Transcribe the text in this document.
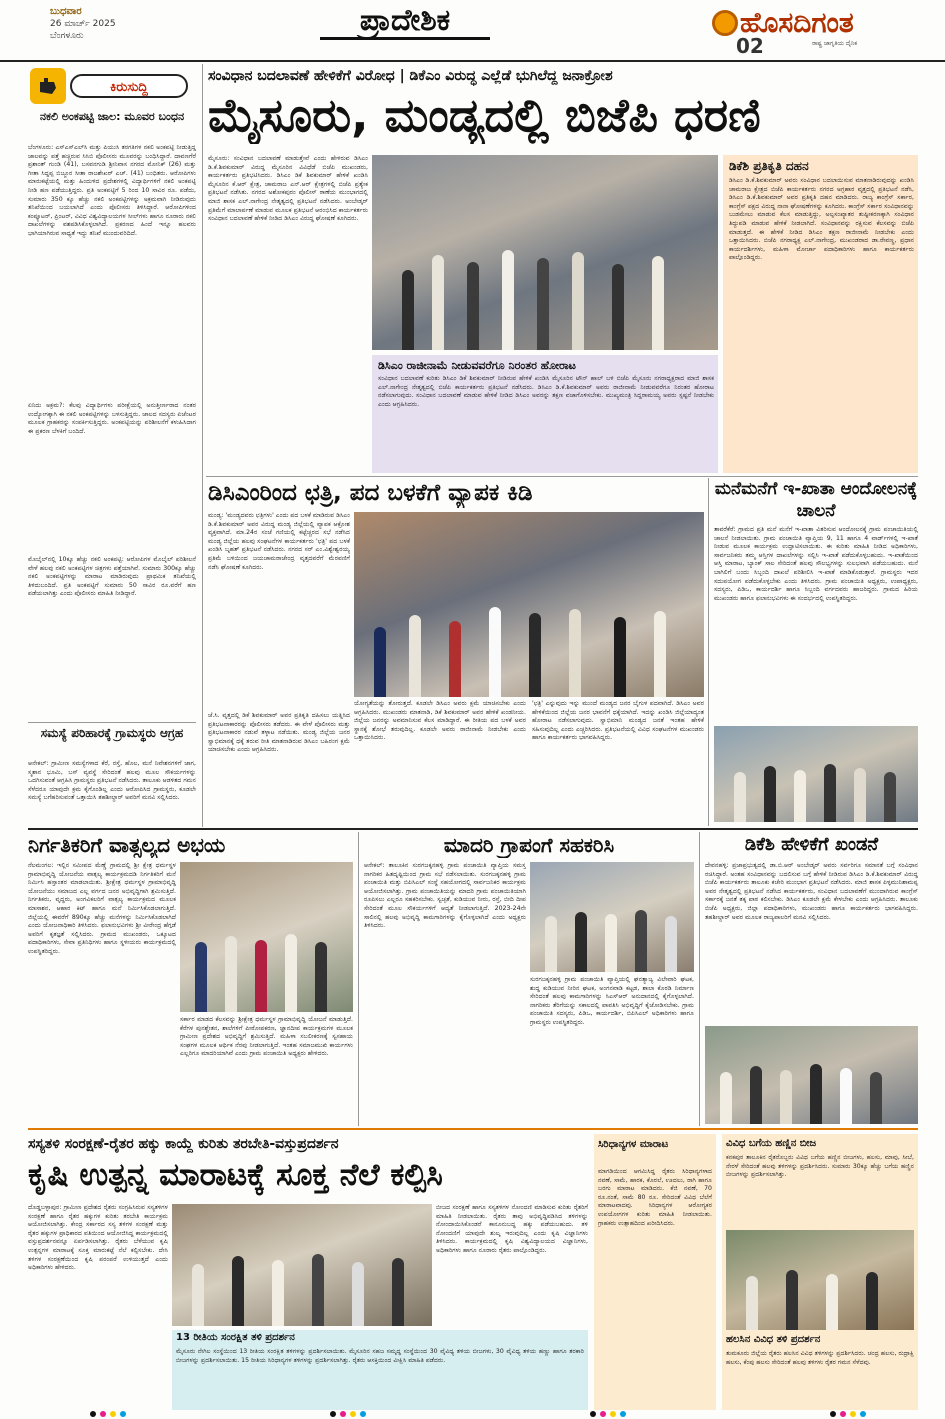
ಬುಧವಾರ
26 ಮಾರ್ಚ್ 2025
ಬೆಂಗಳೂರು	ಪ್ರಾದೇಶಿಕ	ಹೊಸದಿಗಂತ
ರಾಷ್ಟ್ರ ಜಾಗೃತಿಯ ದೈನಿಕ
02
ಕಿರುಸುದ್ದಿ
ನಕಲಿ ಅಂಕಪಟ್ಟಿ ಜಾಲ: ಮೂವರ ಬಂಧನ
ಬೆಂಗಳೂರು: ಎಸ್‌ಎಸ್‌ಎಲ್‌ಸಿ ಮತ್ತು ಪಿಯುಸಿ ತರಗತಿಗಳ ನಕಲಿ ಅಂಕಪಟ್ಟಿ ನೀಡುತ್ತಿದ್ದ ಜಾಲವನ್ನು ಪತ್ತೆ ಹಚ್ಚಿರುವ ಸಿಸಿಬಿ ಪೊಲೀಸರು ಮೂವರನ್ನು ಬಂಧಿಸಿದ್ದಾರೆ. ದಾವಣಗೆರೆ ಪ್ರಶಾಂತ್ ಗುಂಡಿ (41), ಬಸವನಗುಡಿ ಶ್ರೀನಿವಾಸ ನಗರದ ಮೋನಿಕ್ (26) ಮತ್ತು ಗೀತಾ ಸಿದ್ದಪ್ಪ ಬಿಜ್ಜೂರ ಸೀತಾ ರಾಜಶೇಖರ್ ಎಚ್. (41) ಬಂಧಿತರು. ಆರೋಪಿಗಳು ಮಾರುಕಟ್ಟೆಯಲ್ಲಿ ಮತ್ತು ಹಿಂದುಳಿದ ಪ್ರದೇಶಗಳಲ್ಲಿ ವಿದ್ಯಾರ್ಥಿಗಳಿಗೆ ನಕಲಿ ಅಂಕಪಟ್ಟಿ ನೀಡಿ ಹಣ ಪಡೆಯುತ್ತಿದ್ದರು. ಪ್ರತಿ ಅಂಕಪಟ್ಟಿಗೆ 5 ರಿಂದ 10 ಸಾವಿರ ರೂ. ಪಡೆದು, ಸುಮಾರು 350 ಕ್ಕೂ ಹೆಚ್ಚು ನಕಲಿ ಅಂಕಪಟ್ಟಿಗಳನ್ನು ಅಕ್ರಮವಾಗಿ ನೀಡಿರುವುದು ತನಿಖೆಯಿಂದ ಬಯಲಾಗಿದೆ ಎಂದು ಪೊಲೀಸರು ತಿಳಿಸಿದ್ದಾರೆ. ಆರೋಪಿಗಳಿಂದ ಕಂಪ್ಯೂಟರ್, ಪ್ರಿಂಟರ್, ವಿವಿಧ ವಿಶ್ವವಿದ್ಯಾಲಯಗಳ ಸೀಲ್‌ಗಳು ಹಾಗೂ ನೂರಾರು ನಕಲಿ ದಾಖಲೆಗಳನ್ನು ವಶಪಡಿಸಿಕೊಳ್ಳಲಾಗಿದೆ. ಪ್ರಕರಣದ ಹಿಂದೆ ಇನ್ನೂ ಹಲವರು ಭಾಗಿಯಾಗಿರುವ ಸಾಧ್ಯತೆ ಇದ್ದು ತನಿಖೆ ಮುಂದುವರಿದಿದೆ.
ಏನಿದು ಅಕ್ರಮ?: ಕೆಲವು ವಿದ್ಯಾರ್ಥಿಗಳು ಪರೀಕ್ಷೆಯಲ್ಲಿ ಅನುತ್ತೀರ್ಣರಾದ ನಂತರ ಉದ್ಯೋಗಕ್ಕಾಗಿ ಈ ನಕಲಿ ಅಂಕಪಟ್ಟಿಗಳನ್ನು ಬಳಸುತ್ತಿದ್ದರು. ಜಾಲದ ಸದಸ್ಯರು ಏಜೆಂಟರ ಮೂಲಕ ಗ್ರಾಹಕರನ್ನು ಸಂಪರ್ಕಿಸುತ್ತಿದ್ದರು. ಅಂಕಪಟ್ಟಿಯನ್ನು ಪರಿಶೀಲನೆಗೆ ಕಳುಹಿಸಿದಾಗ ಈ ಪ್ರಕರಣ ಬೆಳಕಿಗೆ ಬಂದಿದೆ.
ಮೊಬೈಲ್‌ನಲ್ಲಿ 10ಕ್ಕೂ ಹೆಚ್ಚು ನಕಲಿ ಅಂಕಪಟ್ಟಿ: ಆರೋಪಿಗಳ ಮೊಬೈಲ್ ಪರಿಶೀಲನೆ ವೇಳೆ ಹಲವು ನಕಲಿ ಅಂಕಪಟ್ಟಿಗಳ ಚಿತ್ರಗಳು ಪತ್ತೆಯಾಗಿವೆ. ಸುಮಾರು 300ಕ್ಕೂ ಹೆಚ್ಚು ನಕಲಿ ಅಂಕಪಟ್ಟಿಗಳನ್ನು ಮಾರಾಟ ಮಾಡಿರುವುದು ಪ್ರಾಥಮಿಕ ತನಿಖೆಯಲ್ಲಿ ತಿಳಿದುಬಂದಿದೆ. ಪ್ರತಿ ಅಂಕಪಟ್ಟಿಗೆ ಸುಮಾರು 50 ಸಾವಿರ ರೂ.ವರೆಗೆ ಹಣ ಪಡೆಯಲಾಗಿತ್ತು ಎಂದು ಪೊಲೀಸರು ಮಾಹಿತಿ ನೀಡಿದ್ದಾರೆ.
ಸಮಸ್ಯೆ ಪರಿಹಾರಕ್ಕೆ ಗ್ರಾಮಸ್ಥರು ಆಗ್ರಹ
ಆನೇಕಲ್: ಗ್ರಾಮೀಣ ಸಮಸ್ಯೆಗಳಾದ ಕೆರೆ, ರಸ್ತೆ, ಹೊಲ, ಮನೆ ನಿವೇಶನಗಳಿಗೆ ಜಾಗ, ಸ್ಮಶಾನ ಭೂಮಿ, ಬಸ್ ವ್ಯವಸ್ಥೆ ಸೇರಿದಂತೆ ಹಲವು ಮೂಲ ಸೌಕರ್ಯಗಳನ್ನು ಒದಗಿಸುವಂತೆ ಆಗ್ರಹಿಸಿ ಗ್ರಾಮಸ್ಥರು ಪ್ರತಿಭಟನೆ ನಡೆಸಿದರು. ತಾಲೂಕು ಆಡಳಿತದ ಗಮನ ಸೆಳೆದರೂ ಯಾವುದೇ ಕ್ರಮ ಕೈಗೊಂಡಿಲ್ಲ ಎಂದು ಆರೋಪಿಸಿದ ಗ್ರಾಮಸ್ಥರು, ಕೂಡಲೇ ಸಮಸ್ಯೆ ಬಗೆಹರಿಸುವಂತೆ ಒತ್ತಾಯಿಸಿ ತಹಶೀಲ್ದಾರ್ ಅವರಿಗೆ ಮನವಿ ಸಲ್ಲಿಸಿದರು.
ಸಂವಿಧಾನ ಬದಲಾವಣೆ ಹೇಳಿಕೆಗೆ ವಿರೋಧ | ಡಿಕೆಎಂ ವಿರುದ್ಧ ಎಲ್ಲೆಡೆ ಭುಗಿಲೆದ್ದ ಜನಾಕ್ರೋಶ
ಮೈಸೂರು, ಮಂಡ್ಯದಲ್ಲಿ ಬಿಜೆಪಿ ಧರಣಿ
ಮೈಸೂರು: ಸಂವಿಧಾನ ಬದಲಾವಣೆ ಮಾಡುತ್ತೇವೆ ಎಂದು ಹೇಳಿರುವ ಡಿಸಿಎಂ ಡಿ.ಕೆ.ಶಿವಕುಮಾರ್ ವಿರುದ್ಧ ಮೈಸೂರಿನ ವಿವಿಧೆಡೆ ಬಿಜೆಪಿ ಮುಖಂಡರು, ಕಾರ್ಯಕರ್ತರು ಪ್ರತಿಭಟಿಸಿದರು. ಡಿಸಿಎಂ ಡಿಕೆ ಶಿವಕುಮಾರ್ ಹೇಳಿಕೆ ಖಂಡಿಸಿ ಮೈಸೂರಿನ ಕೆ.ಆರ್ ಕ್ಷೇತ್ರ, ಚಾಮರಾಜ ಎನ್.ಆರ್ ಕ್ಷೇತ್ರಗಳಲ್ಲಿ ಬಿಜೆಪಿ ಪ್ರತ್ಯೇಕ ಪ್ರತಿಭಟನೆ ನಡೆಸಿತು. ನಗರದ ಅಶೋಕಪುರಂ ಪೊಲೀಸ್ ಠಾಣೆಯ ಮುಂಭಾಗದಲ್ಲಿ ಮಾಜಿ ಶಾಸಕ ಎಲ್.ನಾಗೇಂದ್ರ ನೇತೃತ್ವದಲ್ಲಿ ಪ್ರತಿಭಟನೆ ನಡೆಸಿದರು. ಅಂಬೇಡ್ಕರ್ ಪ್ರತಿಮೆಗೆ ಮಾಲಾರ್ಪಣೆ ಮಾಡುವ ಮೂಲಕ ಪ್ರತಿಭಟನೆ ಆರಂಭಿಸಿದ ಕಾರ್ಯಕರ್ತರು ಸಂವಿಧಾನ ಬದಲಾವಣೆ ಹೇಳಿಕೆ ನೀಡಿದ ಡಿಸಿಎಂ ವಿರುದ್ಧ ಘೋಷಣೆ ಕೂಗಿದರು.
ಡಿಸಿಎಂ ರಾಜೀನಾಮೆ ನೀಡುವವರೆಗೂ ನಿರಂತರ ಹೋರಾಟ
ಸಂವಿಧಾನ ಬದಲಾವಣೆ ಕುರಿತು ಡಿಸಿಎಂ ಡಿಕೆ ಶಿವಕುಮಾರ್ ನೀಡಿರುವ ಹೇಳಿಕೆ ಖಂಡಿಸಿ ಮೈಸೂರಿನ ಟೌನ್ ಹಾಲ್ ಬಳಿ ಬಿಜೆಪಿ ಮೈಸೂರು ನಗರಾಧ್ಯಕ್ಷರಾದ ಮಾಜಿ ಶಾಸಕ ಎಲ್.ನಾಗೇಂದ್ರ ನೇತೃತ್ವದಲ್ಲಿ ಬಿಜೆಪಿ ಕಾರ್ಯಕರ್ತರು ಪ್ರತಿಭಟನೆ ನಡೆಸಿದರು. ಡಿಸಿಎಂ ಡಿ.ಕೆ.ಶಿವಕುಮಾರ್ ಅವರು ರಾಜೀನಾಮೆ ನೀಡುವವರೆಗೂ ನಿರಂತರ ಹೋರಾಟ ನಡೆಸಲಾಗುವುದು. ಸಂವಿಧಾನ ಬದಲಾವಣೆ ಮಾಡುವ ಹೇಳಿಕೆ ನೀಡಿದ ಡಿಸಿಎಂ ಅವರನ್ನು ತಕ್ಷಣ ವಜಾಗೊಳಿಸಬೇಕು. ಮುಖ್ಯಮಂತ್ರಿ ಸಿದ್ದರಾಮಯ್ಯ ಅವರು ಸ್ಪಷ್ಟನೆ ನೀಡಬೇಕು ಎಂದು ಆಗ್ರಹಿಸಿದರು.
ಡಿಕೆಶಿ ಪ್ರತಿಕೃತಿ ದಹನ
ಡಿಸಿಎಂ ಡಿ.ಕೆ.ಶಿವಕುಮಾರ್ ಅವರು ಸಂವಿಧಾನ ಬದಲಾಯಿಸುವ ಮಾತನಾಡಿರುವುದನ್ನು ಖಂಡಿಸಿ ಚಾಮರಾಜ ಕ್ಷೇತ್ರದ ಬಿಜೆಪಿ ಕಾರ್ಯಕರ್ತರು ನಗರದ ಅಗ್ರಹಾರ ವೃತ್ತದಲ್ಲಿ ಪ್ರತಿಭಟನೆ ನಡೆಸಿ, ಡಿಸಿಎಂ ಡಿ.ಕೆ.ಶಿವಕುಮಾರ್ ಅವರ ಪ್ರತಿಕೃತಿ ದಹನ ಮಾಡಿದರು. ರಾಜ್ಯ ಕಾಂಗ್ರೆಸ್ ಸರ್ಕಾರ, ಕಾಂಗ್ರೆಸ್ ಪಕ್ಷದ ವಿರುದ್ಧ ನಾನಾ ಘೋಷಣೆಗಳನ್ನು ಕೂಗಿದರು. ಕಾಂಗ್ರೆಸ್ ಸರ್ಕಾರ ಸಂವಿಧಾನವನ್ನು ಬುಡಮೇಲು ಮಾಡುವ ಕೆಲಸ ಮಾಡುತ್ತಿದ್ದು, ಅಲ್ಪಸಂಖ್ಯಾತರ ತುಷ್ಟೀಕರಣಕ್ಕಾಗಿ ಸಂವಿಧಾನ ತಿದ್ದುಪಡಿ ಮಾಡುವ ಹೇಳಿಕೆ ನೀಡಲಾಗಿದೆ. ಸಂವಿಧಾನವನ್ನು ರಕ್ಷಿಸುವ ಕೆಲಸವನ್ನು ಬಿಜೆಪಿ ಮಾಡುತ್ತದೆ. ಈ ಹೇಳಿಕೆ ನೀಡಿದ ಡಿಸಿಎಂ ತಕ್ಷಣ ರಾಜೀನಾಮೆ ನೀಡಬೇಕು ಎಂದು ಒತ್ತಾಯಿಸಿದರು. ಬಿಜೆಪಿ ನಗರಾಧ್ಯಕ್ಷ ಎಲ್.ನಾಗೇಂದ್ರ, ಮುಖಂಡರಾದ ಡಾ.ರೇವಣ್ಣ, ಪ್ರಧಾನ ಕಾರ್ಯದರ್ಶಿಗಳು, ಮಹಿಳಾ ಮೋರ್ಚಾ ಪದಾಧಿಕಾರಿಗಳು ಹಾಗೂ ಕಾರ್ಯಕರ್ತರು ಪಾಲ್ಗೊಂಡಿದ್ದರು.
ಡಿಸಿಎಂರಿಂದ ಛತ್ರಿ, ಪದ ಬಳಕೆಗೆ ವ್ಯಾಪಕ ಕಿಡಿ
ಮಂಡ್ಯ: 'ಮಂಡ್ಯದವರು ಛತ್ರಿಗಳು' ಎಂದು ಪದ ಬಳಕೆ ಮಾಡಿರುವ ಡಿಸಿಎಂ ಡಿ.ಕೆ.ಶಿವಕುಮಾರ್ ಅವರ ವಿರುದ್ಧ ಮಂಡ್ಯ ಜಿಲ್ಲೆಯಲ್ಲಿ ವ್ಯಾಪಕ ಆಕ್ರೋಶ ವ್ಯಕ್ತವಾಗಿದೆ. ಮಾ.24ರ ಸಂಜೆ ಗಣಿಯಲ್ಲಿ ಕಟ್ಟೆಚ್ಚರದ ಸಭೆ ನಡೆಸಿದ ಮಂಡ್ಯ ಜಿಲ್ಲೆಯ ಹಲವು ಸಂಘಟನೆಗಳ ಕಾರ್ಯಕರ್ತರು 'ಛತ್ರಿ' ಪದ ಬಳಕೆ ಖಂಡಿಸಿ ಬೃಹತ್ ಪ್ರತಿಭಟನೆ ನಡೆಸಿದರು. ನಗರದ ಸರ್ ಎಂ.ವಿಶ್ವೇಶ್ವರಯ್ಯ ಪ್ರತಿಮೆ ಬಳಿಯಿಂದ ಜಯಚಾಮರಾಜೇಂದ್ರ ವೃತ್ತದವರೆಗೆ ಮೆರವಣಿಗೆ ನಡೆಸಿ ಘೋಷಣೆ ಕೂಗಿದರು.
ಜೆ.ಸಿ. ವೃತ್ತದಲ್ಲಿ ಡಿಕೆ ಶಿವಕುಮಾರ್ ಅವರ ಪ್ರತಿಕೃತಿ ದಹಿಸಲು ಯತ್ನಿಸಿದ ಪ್ರತಿಭಟನಾಕಾರರನ್ನು ಪೊಲೀಸರು ತಡೆದರು. ಈ ವೇಳೆ ಪೊಲೀಸರು ಮತ್ತು ಪ್ರತಿಭಟನಾಕಾರರ ನಡುವೆ ತಳ್ಳಾಟ ನಡೆಯಿತು. ಮಂಡ್ಯ ಜಿಲ್ಲೆಯ ಜನರ ಸ್ವಾಭಿಮಾನಕ್ಕೆ ಧಕ್ಕೆ ತರುವ ರೀತಿ ಮಾತನಾಡಿರುವ ಡಿಸಿಎಂ ಬಹಿರಂಗ ಕ್ಷಮೆ ಯಾಚಿಸಬೇಕು ಎಂದು ಆಗ್ರಹಿಸಿದರು.
ಯೋಗ್ಯತೆಯನ್ನು ತೋರುತ್ತದೆ. ಕೂಡಲೇ ಡಿಸಿಎಂ ಅವರು ಕ್ಷಮೆ ಯಾಚಿಸಬೇಕು ಎಂದು ಆಗ್ರಹಿಸಿದರು. ಮುಖಂಡರು ಮಾತನಾಡಿ, ಡಿಕೆ ಶಿವಕುಮಾರ್ ಅವರ ಹೇಳಿಕೆ ಖಂಡನೀಯ. ಜಿಲ್ಲೆಯ ಜನರನ್ನು ಅವಮಾನಿಸುವ ಕೆಲಸ ಮಾಡಿದ್ದಾರೆ. ಈ ರೀತಿಯ ಪದ ಬಳಕೆ ಅವರ ಸ್ಥಾನಕ್ಕೆ ಶೋಭೆ ತರುವುದಿಲ್ಲ. ಕೂಡಲೇ ಅವರು ರಾಜೀನಾಮೆ ನೀಡಬೇಕು ಎಂದು ಒತ್ತಾಯಿಸಿದರು.
'ಛತ್ರಿ' ಎನ್ನುವುದು ಇನ್ನು ಮುಂದೆ ಮಂಡ್ಯದ ಜನರ ಬೈಗುಳ ಪದವಾಗಿದೆ. ಡಿಸಿಎಂ ಅವರ ಹೇಳಿಕೆಯಿಂದ ಜಿಲ್ಲೆಯ ಜನರ ಭಾವನೆಗೆ ಧಕ್ಕೆಯಾಗಿದೆ. ಇದನ್ನು ಖಂಡಿಸಿ ಜಿಲ್ಲೆಯಾದ್ಯಂತ ಹೋರಾಟ ನಡೆಸಲಾಗುವುದು. ಸ್ವಾಭಿಮಾನಿ ಮಂಡ್ಯದ ಜನತೆ ಇಂತಹ ಹೇಳಿಕೆ ಸಹಿಸುವುದಿಲ್ಲ ಎಂದು ಎಚ್ಚರಿಸಿದರು. ಪ್ರತಿಭಟನೆಯಲ್ಲಿ ವಿವಿಧ ಸಂಘಟನೆಗಳ ಮುಖಂಡರು ಹಾಗೂ ಕಾರ್ಯಕರ್ತರು ಭಾಗವಹಿಸಿದ್ದರು.
ಮನೆಮನೆಗೆ ಇ-ಖಾತಾ ಆಂದೋಲನಕ್ಕೆ ಚಾಲನೆ
ತಾವರೆಕೆರೆ: ಗ್ರಾಮದ ಪ್ರತಿ ಮನೆ ಮನೆಗೆ ಇ-ಖಾತಾ ವಿತರಿಸುವ ಆಂದೋಲನಕ್ಕೆ ಗ್ರಾಮ ಪಂಚಾಯಿತಿಯಲ್ಲಿ ಚಾಲನೆ ನೀಡಲಾಯಿತು. ಗ್ರಾಮ ಪಂಚಾಯಿತಿ ವ್ಯಾಪ್ತಿಯ 9, 11 ಹಾಗೂ 4 ವಾರ್ಡ್‌ಗಳಲ್ಲಿ ಇ-ಖಾತೆ ನೀಡುವ ಮೂಲಕ ಕಾರ್ಯಕ್ರಮ ಉದ್ಘಾಟಿಸಲಾಯಿತು. ಈ ಕುರಿತು ಮಾಹಿತಿ ನೀಡಿದ ಅಧಿಕಾರಿಗಳು, ಸಾರ್ವಜನಿಕರು ತಮ್ಮ ಆಸ್ತಿಗಳ ದಾಖಲೆಗಳನ್ನು ಸಲ್ಲಿಸಿ ಇ-ಖಾತೆ ಪಡೆದುಕೊಳ್ಳಬಹುದು. ಇ-ಖಾತೆಯಿಂದ ಆಸ್ತಿ ಮಾರಾಟ, ಬ್ಯಾಂಕ್ ಸಾಲ ಸೇರಿದಂತೆ ಹಲವು ಸೌಲಭ್ಯಗಳನ್ನು ಸುಲಭವಾಗಿ ಪಡೆಯಬಹುದು. ಮನೆ ಬಾಗಿಲಿಗೆ ಬಂದು ಸಿಬ್ಬಂದಿ ದಾಖಲೆ ಪರಿಶೀಲಿಸಿ ಇ-ಖಾತೆ ಮಾಡಿಕೊಡುತ್ತಾರೆ. ಗ್ರಾಮಸ್ಥರು ಇದರ ಸದುಪಯೋಗ ಪಡೆದುಕೊಳ್ಳಬೇಕು ಎಂದು ತಿಳಿಸಿದರು. ಗ್ರಾಮ ಪಂಚಾಯಿತಿ ಅಧ್ಯಕ್ಷರು, ಉಪಾಧ್ಯಕ್ಷರು, ಸದಸ್ಯರು, ಪಿಡಿಒ, ಕಾರ್ಯದರ್ಶಿ ಹಾಗೂ ಸಿಬ್ಬಂದಿ ವರ್ಗದವರು ಹಾಜರಿದ್ದರು. ಗ್ರಾಮದ ಹಿರಿಯ ಮುಖಂಡರು ಹಾಗೂ ಫಲಾನುಭವಿಗಳು ಈ ಸಂದರ್ಭದಲ್ಲಿ ಉಪಸ್ಥಿತರಿದ್ದರು.
ನಿರ್ಗತಿಕರಿಗೆ ವಾತ್ಸಲ್ಯದ ಅಭಯ
ನೆಲಮಂಗಲ: ಇಲ್ಲಿನ ಸಮೀಪದ ಮೆಣ್ಣೆ ಗ್ರಾಮದಲ್ಲಿ ಶ್ರೀ ಕ್ಷೇತ್ರ ಧರ್ಮಸ್ಥಳ ಗ್ರಾಮಾಭಿವೃದ್ಧಿ ಯೋಜನೆಯ ವಾತ್ಸಲ್ಯ ಕಾರ್ಯಕ್ರಮದಡಿ ನಿರ್ಗತಿಕರಿಗೆ ಮನೆ ನಿರ್ಮಿಸಿ ಹಸ್ತಾಂತರ ಮಾಡಲಾಯಿತು. ಶ್ರೀಕ್ಷೇತ್ರ ಧರ್ಮಸ್ಥಳ ಗ್ರಾಮಾಭಿವೃದ್ಧಿ ಯೋಜನೆಯು ಸಮಾಜದ ಎಲ್ಲ ವರ್ಗದ ಜನರ ಅಭಿವೃದ್ಧಿಗಾಗಿ ಶ್ರಮಿಸುತ್ತಿದೆ. ನಿರ್ಗತಿಕರು, ವೃದ್ಧರು, ಅಂಗವಿಕಲರಿಗೆ ವಾತ್ಸಲ್ಯ ಕಾರ್ಯಕ್ರಮದ ಮೂಲಕ ಮಾಸಾಶನ, ಆಹಾರ ಕಿಟ್ ಹಾಗೂ ಮನೆ ನಿರ್ಮಿಸಿಕೊಡಲಾಗುತ್ತಿದೆ. ಜಿಲ್ಲೆಯಲ್ಲಿ ಈವರೆಗೆ 890ಕ್ಕೂ ಹೆಚ್ಚು ಮನೆಗಳನ್ನು ನಿರ್ಮಿಸಿಕೊಡಲಾಗಿದೆ ಎಂದು ಯೋಜನಾಧಿಕಾರಿ ತಿಳಿಸಿದರು. ಫಲಾನುಭವಿಗಳು ಶ್ರೀ ವೀರೇಂದ್ರ ಹೆಗ್ಗಡೆ ಅವರಿಗೆ ಕೃತಜ್ಞತೆ ಸಲ್ಲಿಸಿದರು. ಗ್ರಾಮದ ಮುಖಂಡರು, ಒಕ್ಕೂಟದ ಪದಾಧಿಕಾರಿಗಳು, ಸೇವಾ ಪ್ರತಿನಿಧಿಗಳು ಹಾಗೂ ಸ್ಥಳೀಯರು ಕಾರ್ಯಕ್ರಮದಲ್ಲಿ ಉಪಸ್ಥಿತರಿದ್ದರು.
ಸರ್ಕಾರ ಮಾಡದ ಕೆಲಸವನ್ನು ಶ್ರೀಕ್ಷೇತ್ರ ಧರ್ಮಸ್ಥಳ ಗ್ರಾಮಾಭಿವೃದ್ಧಿ ಯೋಜನೆ ಮಾಡುತ್ತಿದೆ. ಕೆರೆಗಳ ಪುನಶ್ಚೇತನ, ಶಾಲೆಗಳಿಗೆ ಪೀಠೋಪಕರಣ, ಜ್ಞಾನದೀಪ ಕಾರ್ಯಕ್ರಮಗಳ ಮೂಲಕ ಗ್ರಾಮೀಣ ಪ್ರದೇಶದ ಅಭಿವೃದ್ಧಿಗೆ ಶ್ರಮಿಸುತ್ತಿದೆ. ಮಹಿಳಾ ಸಬಲೀಕರಣಕ್ಕೆ ಸ್ವಸಹಾಯ ಸಂಘಗಳ ಮೂಲಕ ಆರ್ಥಿಕ ನೆರವು ನೀಡಲಾಗುತ್ತಿದೆ. ಇಂತಹ ಸಮಾಜಮುಖಿ ಕಾರ್ಯಗಳು ಎಲ್ಲರಿಗೂ ಮಾದರಿಯಾಗಿವೆ ಎಂದು ಗ್ರಾಮ ಪಂಚಾಯಿತಿ ಅಧ್ಯಕ್ಷರು ಹೇಳಿದರು.
ಮಾದರಿ ಗ್ರಾಪಂಗೆ ಸಹಕರಿಸಿ
ಆನೇಕಲ್: ತಾಲೂಕಿನ ಸುರಗಜಕ್ಕನಹಳ್ಳಿ ಗ್ರಾಮ ಪಂಚಾಯಿತಿ ವ್ಯಾಪ್ತಿಯ ಸಮಸ್ತ ನಾಗರಿಕರ ಹಿತದೃಷ್ಟಿಯಿಂದ ಗ್ರಾಮ ಸಭೆ ನಡೆಸಲಾಯಿತು. ಸುರಗಜಕ್ಕನಹಳ್ಳಿ ಗ್ರಾಮ ಪಂಚಾಯಿತಿ ಮತ್ತು ಬಿಪಿಸಿಎಲ್ ಸಂಸ್ಥೆ ಸಹಯೋಗದಲ್ಲಿ ಸಾರ್ವಜನಿಕರ ಕಾರ್ಯಕ್ರಮ ಆಯೋಜಿಸಲಾಗಿತ್ತು. ಗ್ರಾಮ ಪಂಚಾಯಿತಿಯನ್ನು ಮಾದರಿ ಗ್ರಾಮ ಪಂಚಾಯಿತಿಯಾಗಿ ರೂಪಿಸಲು ಎಲ್ಲರೂ ಸಹಕರಿಸಬೇಕು. ಸ್ವಚ್ಛತೆ, ಕುಡಿಯುವ ನೀರು, ರಸ್ತೆ, ಬೀದಿ ದೀಪ ಸೇರಿದಂತೆ ಮೂಲ ಸೌಕರ್ಯಗಳಿಗೆ ಆದ್ಯತೆ ನೀಡಲಾಗುತ್ತಿದೆ. 2023-24ನೇ ಸಾಲಿನಲ್ಲಿ ಹಲವು ಅಭಿವೃದ್ಧಿ ಕಾಮಗಾರಿಗಳನ್ನು ಕೈಗೊಳ್ಳಲಾಗಿದೆ ಎಂದು ಅಧ್ಯಕ್ಷರು ತಿಳಿಸಿದರು.
ಸುರಗಜಕ್ಕನಹಳ್ಳಿ ಗ್ರಾಮ ಪಂಚಾಯಿತಿ ವ್ಯಾಪ್ತಿಯಲ್ಲಿ ಘನತ್ಯಾಜ್ಯ ವಿಲೇವಾರಿ ಘಟಕ, ಶುದ್ಧ ಕುಡಿಯುವ ನೀರಿನ ಘಟಕ, ಅಂಗನವಾಡಿ ಕಟ್ಟಡ, ಶಾಲಾ ಕೊಠಡಿ ನಿರ್ಮಾಣ ಸೇರಿದಂತೆ ಹಲವು ಕಾಮಗಾರಿಗಳನ್ನು ಸಿಎಸ್‌ಆರ್ ಅನುದಾನದಲ್ಲಿ ಕೈಗೊಳ್ಳಲಾಗಿದೆ. ನಾಗರಿಕರು ತೆರಿಗೆಯನ್ನು ಸಕಾಲದಲ್ಲಿ ಪಾವತಿಸಿ ಅಭಿವೃದ್ಧಿಗೆ ಕೈಜೋಡಿಸಬೇಕು. ಗ್ರಾಮ ಪಂಚಾಯಿತಿ ಸದಸ್ಯರು, ಪಿಡಿಒ, ಕಾರ್ಯದರ್ಶಿ, ಬಿಪಿಸಿಎಲ್ ಅಧಿಕಾರಿಗಳು ಹಾಗೂ ಗ್ರಾಮಸ್ಥರು ಉಪಸ್ಥಿತರಿದ್ದರು.
ಡಿಕೆಶಿ ಹೇಳಿಕೆಗೆ ಖಂಡನೆ
ದೇವನಹಳ್ಳಿ: ಪ್ರಜಾಪ್ರಭುತ್ವದಲ್ಲಿ ಡಾ.ಬಿ.ಆರ್ ಅಂಬೇಡ್ಕರ್ ಅವರು ಸರ್ವರಿಗೂ ಸಮಾನತೆ ಬಗ್ಗೆ ಸಂವಿಧಾನ ರಚಿಸಿದ್ದಾರೆ. ಅಂತಹ ಸಂವಿಧಾನವನ್ನು ಬದಲಿಸುವ ಬಗ್ಗೆ ಹೇಳಿಕೆ ನೀಡಿರುವ ಡಿಸಿಎಂ ಡಿ.ಕೆ.ಶಿವಕುಮಾರ್ ವಿರುದ್ಧ ಬಿಜೆಪಿ ಕಾರ್ಯಕರ್ತರು ತಾಲೂಕು ಕಚೇರಿ ಮುಂಭಾಗ ಪ್ರತಿಭಟನೆ ನಡೆಸಿದರು. ಮಾಜಿ ಶಾಸಕ ಪಿಳ್ಳಮುನಿಶಾಮಪ್ಪ ಅವರ ನೇತೃತ್ವದಲ್ಲಿ ಪ್ರತಿಭಟನೆ ನಡೆಸಿದ ಕಾರ್ಯಕರ್ತರು, ಸಂವಿಧಾನ ಬದಲಾವಣೆಗೆ ಮುಂದಾಗಿರುವ ಕಾಂಗ್ರೆಸ್ ಸರ್ಕಾರಕ್ಕೆ ಜನತೆ ತಕ್ಕ ಪಾಠ ಕಲಿಸಬೇಕು. ಡಿಸಿಎಂ ಕೂಡಲೇ ಕ್ಷಮೆ ಕೇಳಬೇಕು ಎಂದು ಆಗ್ರಹಿಸಿದರು. ತಾಲೂಕು ಬಿಜೆಪಿ ಅಧ್ಯಕ್ಷರು, ಜಿಲ್ಲಾ ಪದಾಧಿಕಾರಿಗಳು, ಮುಖಂಡರು ಹಾಗೂ ಕಾರ್ಯಕರ್ತರು ಭಾಗವಹಿಸಿದ್ದರು. ತಹಶೀಲ್ದಾರ್ ಅವರ ಮೂಲಕ ರಾಜ್ಯಪಾಲರಿಗೆ ಮನವಿ ಸಲ್ಲಿಸಿದರು.
ಸಸ್ಯತಳಿ ಸಂರಕ್ಷಣೆ-ರೈತರ ಹಕ್ಕು ಕಾಯ್ದೆ ಕುರಿತು ತರಬೇತಿ-ವಸ್ತುಪ್ರದರ್ಶನ
ಕೃಷಿ ಉತ್ಪನ್ನ ಮಾರಾಟಕ್ಕೆ ಸೂಕ್ತ ನೆಲೆ ಕಲ್ಪಿಸಿ
ದೊಡ್ಡಬಳ್ಳಾಪುರ: ಗ್ರಾಮೀಣ ಪ್ರದೇಶದ ರೈತರು ಸಂಗ್ರಹಿಸಿರುವ ಸಸ್ಯತಳಿಗಳ ಸಂರಕ್ಷಣೆ ಹಾಗೂ ರೈತರ ಹಕ್ಕುಗಳ ಕುರಿತು ತರಬೇತಿ ಕಾರ್ಯಕ್ರಮ ಆಯೋಜಿಸಲಾಗಿತ್ತು. ಕೇಂದ್ರ ಸರ್ಕಾರದ ಸಸ್ಯ ತಳಿಗಳ ಸಂರಕ್ಷಣೆ ಮತ್ತು ರೈತರ ಹಕ್ಕುಗಳ ಪ್ರಾಧಿಕಾರದ ವತಿಯಿಂದ ಆಯೋಜಿಸಿದ್ದ ಕಾರ್ಯಕ್ರಮದಲ್ಲಿ ವಸ್ತುಪ್ರದರ್ಶನವನ್ನೂ ಏರ್ಪಡಿಸಲಾಗಿತ್ತು. ರೈತರು ಬೆಳೆಯುವ ಕೃಷಿ ಉತ್ಪನ್ನಗಳ ಮಾರಾಟಕ್ಕೆ ಸೂಕ್ತ ಮಾರುಕಟ್ಟೆ ನೆಲೆ ಕಲ್ಪಿಸಬೇಕು. ದೇಸಿ ತಳಿಗಳ ಸಂರಕ್ಷಣೆಯಿಂದ ಕೃಷಿ ಪರಂಪರೆ ಉಳಿಯುತ್ತದೆ ಎಂದು ಅಧಿಕಾರಿಗಳು ಹೇಳಿದರು.
ಬೀಜದ ಸಂರಕ್ಷಣೆ ಹಾಗೂ ಸಸ್ಯತಳಿಗಳ ನೋಂದಣಿ ಮಾಡಿಸುವ ಕುರಿತು ರೈತರಿಗೆ ಮಾಹಿತಿ ನೀಡಲಾಯಿತು. ರೈತರು ತಾವು ಅಭಿವೃದ್ಧಿಪಡಿಸಿದ ತಳಿಗಳನ್ನು ನೋಂದಾಯಿಸಿಕೊಂಡರೆ ಕಾನೂನುಬದ್ಧ ಹಕ್ಕು ಪಡೆಯಬಹುದು. ತಳಿ ನೋಂದಣಿಗೆ ಯಾವುದೇ ಶುಲ್ಕ ಇರುವುದಿಲ್ಲ ಎಂದು ಕೃಷಿ ವಿಜ್ಞಾನಿಗಳು ತಿಳಿಸಿದರು. ಕಾರ್ಯಕ್ರಮದಲ್ಲಿ ಕೃಷಿ ವಿಶ್ವವಿದ್ಯಾಲಯದ ವಿಜ್ಞಾನಿಗಳು, ಅಧಿಕಾರಿಗಳು ಹಾಗೂ ನೂರಾರು ರೈತರು ಪಾಲ್ಗೊಂಡಿದ್ದರು.
13 ರೀತಿಯ ಸಂರಕ್ಷಿತ ತಳಿ ಪ್ರದರ್ಶನ
ಮೈಸೂರು ನೇಗಿಲ ಸಂಸ್ಥೆಯಿಂದ 13 ರೀತಿಯ ಸಂರಕ್ಷಿತ ತಳಿಗಳನ್ನು ಪ್ರದರ್ಶಿಸಲಾಯಿತು. ಮೈಸೂರಿನ ಸಹಜ ಸಮೃದ್ಧ ಸಂಸ್ಥೆಯಿಂದ 30 ವೈವಿಧ್ಯ ತಳಿಯ ಬೀಜಗಳು, 30 ವೈವಿಧ್ಯ ತಳಿಯ ಹಣ್ಣು ಹಾಗೂ ತರಕಾರಿ ಬೀಜಗಳನ್ನು ಪ್ರದರ್ಶಿಸಲಾಯಿತು. 15 ರೀತಿಯ ಸಿರಿಧಾನ್ಯಗಳ ತಳಿಗಳನ್ನು ಪ್ರದರ್ಶಿಸಲಾಗಿತ್ತು. ರೈತರು ಆಸಕ್ತಿಯಿಂದ ವೀಕ್ಷಿಸಿ ಮಾಹಿತಿ ಪಡೆದರು.
ಸಿರಿಧಾನ್ಯಗಳ ಮಾರಾಟ
ಮಾಗಡಿಯಿಂದ ಆಗಮಿಸಿದ್ದ ರೈತರು ಸಿರಿಧಾನ್ಯಗಳಾದ ನವಣೆ, ಸಾಮೆ, ಹಾರಕ, ಕೊರಲೆ, ಊದಲು, ರಾಗಿ ಹಾಗೂ ಬರಗು ಮಾರಾಟ ಮಾಡಿದರು. ಕೆಜಿ ನವಣೆ, 70 ರೂ.ನಂತೆ, ಸಾಮೆ 80 ರೂ. ಸೇರಿದಂತೆ ವಿವಿಧ ಬೆಲೆಗೆ ಮಾರಾಟವಾದವು. ಸಿರಿಧಾನ್ಯಗಳ ಆರೋಗ್ಯಕರ ಉಪಯೋಗಗಳ ಕುರಿತು ಮಾಹಿತಿ ನೀಡಲಾಯಿತು. ಗ್ರಾಹಕರು ಉತ್ಸಾಹದಿಂದ ಖರೀದಿಸಿದರು.
ವಿವಿಧ ಬಗೆಯ ಹಣ್ಣಿನ ಬೀಜ
ಕನಕಪುರ ತಾಲೂಕಿನ ರೈತರೊಬ್ಬರು ವಿವಿಧ ಬಗೆಯ ಹಣ್ಣಿನ ಬೀಜಗಳು, ಹಲಸು, ಮಾವು, ಸೀಬೆ, ನೇರಳೆ ಸೇರಿದಂತೆ ಹಲವು ತಳಿಗಳನ್ನು ಪ್ರದರ್ಶಿಸಿದರು. ಸುಮಾರು 30ಕ್ಕೂ ಹೆಚ್ಚು ಬಗೆಯ ಹಣ್ಣಿನ ಬೀಜಗಳನ್ನು ಪ್ರದರ್ಶಿಸಲಾಗಿತ್ತು.
ಹಲಸಿನ ವಿವಿಧ ತಳಿ ಪ್ರದರ್ಶನ
ತುಮಕೂರು ಜಿಲ್ಲೆಯ ರೈತರು ಹಲಸಿನ ವಿವಿಧ ತಳಿಗಳನ್ನು ಪ್ರದರ್ಶಿಸಿದರು. ಚಂದ್ರ ಹಲಸು, ರುದ್ರಾಕ್ಷಿ ಹಲಸು, ಕೆಂಪು ಹಲಸು ಸೇರಿದಂತೆ ಹಲವು ತಳಿಗಳು ರೈತರ ಗಮನ ಸೆಳೆದವು.
